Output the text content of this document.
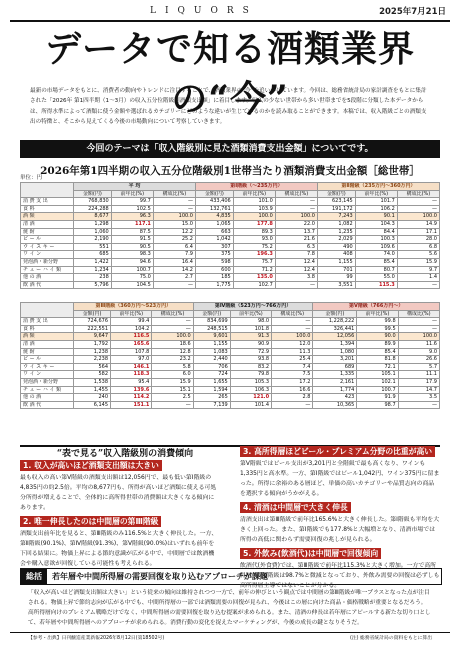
LIQUORS	2025年7月21日
データで知る酒類業界の“今”
最新の市場データをもとに、消費者の動向やトレンドに注目することで、酒類業界の“今”を追いかけています。今回は、総務省統計局の家計調査をもとに集計された「2026年 第1四半期（1〜3月）の収入五分位階級別酒類支出額」に着目します。収入の少ない世帯から多い世帯までを5段階に分類した本データからは、所得水準によって酒類に使う金額や選ばれるカテゴリーにどのような違いが生じているのかを読み取ることができます。本稿では、収入階級ごとの酒類支出の特徴と、そこから見えてくる今後の市場動向について考察していきます。
今回のテーマは「収入階級別に見た酒類消費支出金額」についてです。
2026年第1四半期の収入五分位階級別1世帯当たり酒類消費支出金額［総世帯］
単位：円
	平 均			第Ⅰ階級（〜235万円）			第Ⅱ階級（235万円〜360万円）		
	金額(円)	前年比(%)	構成比(%)	金額(円)	前年比(%)	構成比(%)	金額(円)	前年比(%)	構成比(%)
消 費 支 出	768,830	99.7	—	433,406	101.0	—	623,145	101.7	—
食 料	224,288	102.5	—	132,761	103.9	—	191,172	106.2	—
酒 類	8,677	96.3	100.0	4,835	100.0	100.0	7,243	90.1	100.0
清 酒	1,298	117.1	15.0	1,065	177.8	22.0	1,082	104.3	14.9
焼 酎	1,060	87.5	12.2	663	89.3	13.7	1,235	84.4	17.1
ビ ー ル	2,190	91.5	25.2	1,042	93.0	21.6	2,029	100.3	28.0
ウ イ ス キ ー	551	90.5	6.4	307	75.2	6.3	490	109.6	6.8
ワ イ ン	685	98.3	7.9	375	196.3	7.8	408	74.0	5.6
発泡酒・新分野	1,422	94.6	16.4	598	75.7	12.4	1,155	85.4	15.9
チ ュ ー ハ イ 類	1,234	100.7	14.2	600	71.2	12.4	701	80.7	9.7
他 の 酒	238	75.0	2.7	185	135.0	3.8	99	55.0	1.4
飲 酒 代	5,796	104.5	—	1,775	102.7	—	3,551	115.3	—
	第Ⅲ階級（360万円〜523万円）			第Ⅳ階級（523万円〜766万円）			第Ⅴ階級（766万円〜）		
	金額(円)	前年比(%)	構成比(%)	金額(円)	前年比(%)	構成比(%)	金額(円)	前年比(%)	構成比(%)
消 費 支 出	724,676	99.4	—	834,699	98.0	—	1,228,222	99.8	—
食 料	222,551	104.2	—	248,515	101.8	—	326,441	99.5	—
酒 類	9,647	116.5	100.0	9,601	91.3	100.0	12,056	90.0	100.0
清 酒	1,792	165.6	18.6	1,155	90.9	12.0	1,394	89.9	11.6
焼 酎	1,238	107.8	12.8	1,083	72.9	11.3	1,080	85.4	9.0
ビ ー ル	2,238	97.0	23.2	2,440	93.8	25.4	3,201	81.8	26.6
ウ イ ス キ ー	564	146.1	5.8	706	83.2	7.4	689	72.1	5.7
ワ イ ン	582	118.3	6.0	724	79.8	7.5	1,335	105.1	11.1
発泡酒・新分野	1,538	95.4	15.9	1,655	105.3	17.2	2,161	102.1	17.9
チ ュ ー ハ イ 類	1,455	139.6	15.1	1,594	106.3	16.6	1,774	100.7	14.7
他 の 酒	240	114.2	2.5	265	121.0	2.8	423	91.9	3.5
飲 酒 代	6,145	151.1	—	7,139	101.4	—	10,365	98.7	—
“表で見る”収入階級別の消費傾向
1. 収入が高いほど酒類支出額は大きい
最も収入の高い第Ⅴ階級の酒類支出額は12,056円で、最も低い第Ⅰ階級の4,835円の約2.5倍。平均の8,677円も、所得が高いほど酒類に使える可処分所得が増えることで、全体的に高所得世帯の消費額は大きくなる傾向にあります。
2. 唯一伸長したのは中間層の第Ⅲ階級
酒類支出前年比を見ると、第Ⅲ階級のみ116.5%と大きく伸長した。一方、第Ⅱ階級(90.1%)、第Ⅳ階級(91.3%)、第Ⅴ階級(90.0%)はいずれも前年を下回る結果に。物価上昇による節約意識が広がる中で、中間層では飲酒機会や購入意欲が回復している可能性も考えられる。
3. 高所得層ほどビール・プレミアム分野の比重が高い
第Ⅴ階級ではビール支出が3,201円と全階級で最も高くなり、ワインも1,335円と高水準。一方、第Ⅰ階級ではビール1,042円、ワイン375円に留まった。所得に余裕のある層ほど、単価の高いカテゴリーや品質志向の商品を選択する傾向がうかがえる。
4. 清酒は中間層で大きく伸長
清酒支出は第Ⅲ階級で前年比165.6%と大きく伸長した。第Ⅰ階級も平均を大きく上回った。また、第Ⅰ階級でも177.8%と大幅増となり、清酒市場では所得の高低に関わらず需要回復の兆しが見られる。
5. 外飲み(飲酒代)は中間層で回復傾向
飲酒代(外食費)では、第Ⅲ階級で前年比115.3%と大きく増加。一方で高所得層の第Ⅴ階級は98.7%と微減となっており、外飲み需要の回復は必ずしも高所得層主導ではないことが分かる。
総括 若年層や中間所得層の需要回復を取り込むアプローチが課題
「収入が高いほど酒類支出額は大きい」という従来の傾向は維持されつつ一方で、前年の伸びという観点では中間層の第Ⅲ階級が唯一プラスとなった点が注目される。物価上昇で節約志向が広がる中でも、中間所得層の一部では酒類需要の回復が見られ、今後はこの層に向けた商品・価格戦略が重要となるだろう。高所得層向けのプレミアム戦略だけでなく、中間所得層の需要回復を取り込む提案が求められる。また、清酒の伸長は若年層にアピールする新たな切り口として、若年層や中間所得層へのアプローチが求められる。消費行動の変化を捉えたマーケティングが、今後の成長の鍵となりそうだ。
【参考・出典】日刊醸造産業新報2026年8月12日(第18502号)	(注) 総務省統計局の資料をもとに算出
